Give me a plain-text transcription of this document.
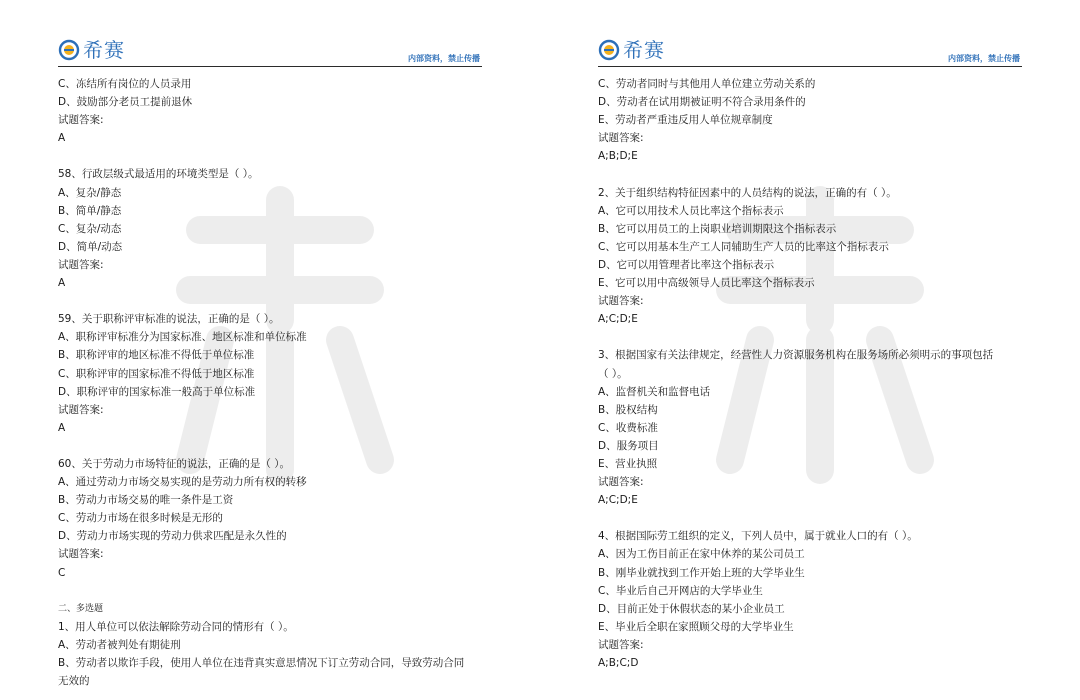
希赛	内部资料，禁止传播
C、冻结所有岗位的人员录用
D、鼓励部分老员工提前退休
试题答案:
A
58、行政层级式最适用的环境类型是（ ）。
A、复杂/静态
B、简单/静态
C、复杂/动态
D、简单/动态
试题答案:
A
59、关于职称评审标准的说法，正确的是（ ）。
A、职称评审标准分为国家标准、地区标准和单位标准
B、职称评审的地区标准不得低于单位标准
C、职称评审的国家标准不得低于地区标准
D、职称评审的国家标准一般高于单位标准
试题答案:
A
60、关于劳动力市场特征的说法，正确的是（ ）。
A、通过劳动力市场交易实现的是劳动力所有权的转移
B、劳动力市场交易的唯一条件是工资
C、劳动力市场在很多时候是无形的
D、劳动力市场实现的劳动力供求匹配是永久性的
试题答案:
C
二、多选题
1、用人单位可以依法解除劳动合同的情形有（ ）。
A、劳动者被判处有期徒刑
B、劳动者以欺诈手段，使用人单位在违背真实意思情况下订立劳动合同，导致劳动合同
无效的
希赛	内部资料，禁止传播
C、劳动者同时与其他用人单位建立劳动关系的
D、劳动者在试用期被证明不符合录用条件的
E、劳动者严重违反用人单位规章制度
试题答案:
A;B;D;E
2、关于组织结构特征因素中的人员结构的说法，正确的有（ ）。
A、它可以用技术人员比率这个指标表示
B、它可以用员工的上岗职业培训期限这个指标表示
C、它可以用基本生产工人同辅助生产人员的比率这个指标表示
D、它可以用管理者比率这个指标表示
E、它可以用中高级领导人员比率这个指标表示
试题答案:
A;C;D;E
3、根据国家有关法律规定，经营性人力资源服务机构在服务场所必须明示的事项包括
（ ）。
A、监督机关和监督电话
B、股权结构
C、收费标准
D、服务项目
E、营业执照
试题答案:
A;C;D;E
4、根据国际劳工组织的定义，下列人员中，属于就业人口的有（ ）。
A、因为工伤目前正在家中休养的某公司员工
B、刚毕业就找到工作开始上班的大学毕业生
C、毕业后自己开网店的大学毕业生
D、目前正处于休假状态的某小企业员工
E、毕业后全职在家照顾父母的大学毕业生
试题答案:
A;B;C;D
